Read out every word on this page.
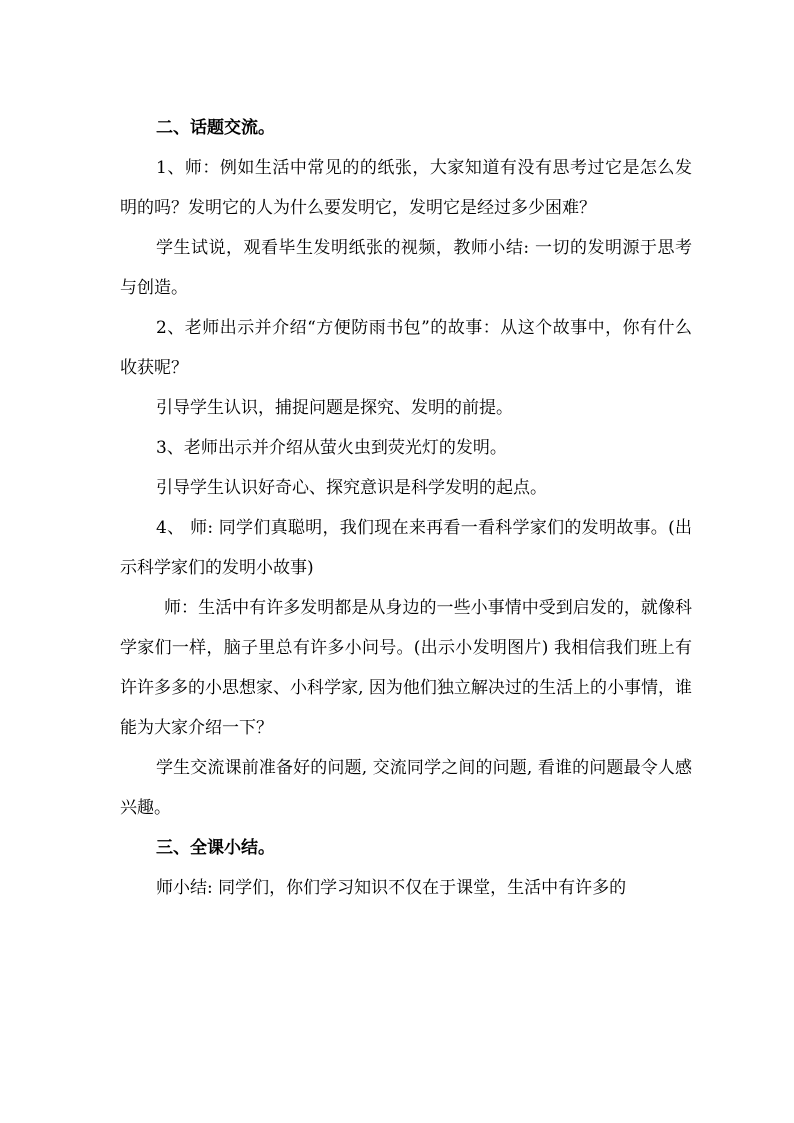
二、话题交流。

1、师：例如生活中常见的的纸张，大家知道有没有思考过它是怎么发明的吗？发明它的人为什么要发明它，发明它是经过多少困难？

学生试说，观看毕生发明纸张的视频，教师小结: 一切的发明源于思考与创造。

2、老师出示并介绍“方便防雨书包”的故事：从这个故事中，你有什么收获呢？

引导学生认识，捕捉问题是探究、发明的前提。

3、老师出示并介绍从萤火虫到荧光灯的发明。

引导学生认识好奇心、探究意识是科学发明的起点。

4、 师: 同学们真聪明，我们现在来再看一看科学家们的发明故事。(出示科学家们的发明小故事)

师：生活中有许多发明都是从身边的一些小事情中受到启发的，就像科学家们一样，脑子里总有许多小问号。(出示小发明图片) 我相信我们班上有许许多多的小思想家、小科学家, 因为他们独立解决过的生活上的小事情，谁能为大家介绍一下？

学生交流课前准备好的问题, 交流同学之间的问题, 看谁的问题最令人感兴趣。

三、全课小结。

师小结: 同学们，你们学习知识不仅在于课堂，生活中有许多的
